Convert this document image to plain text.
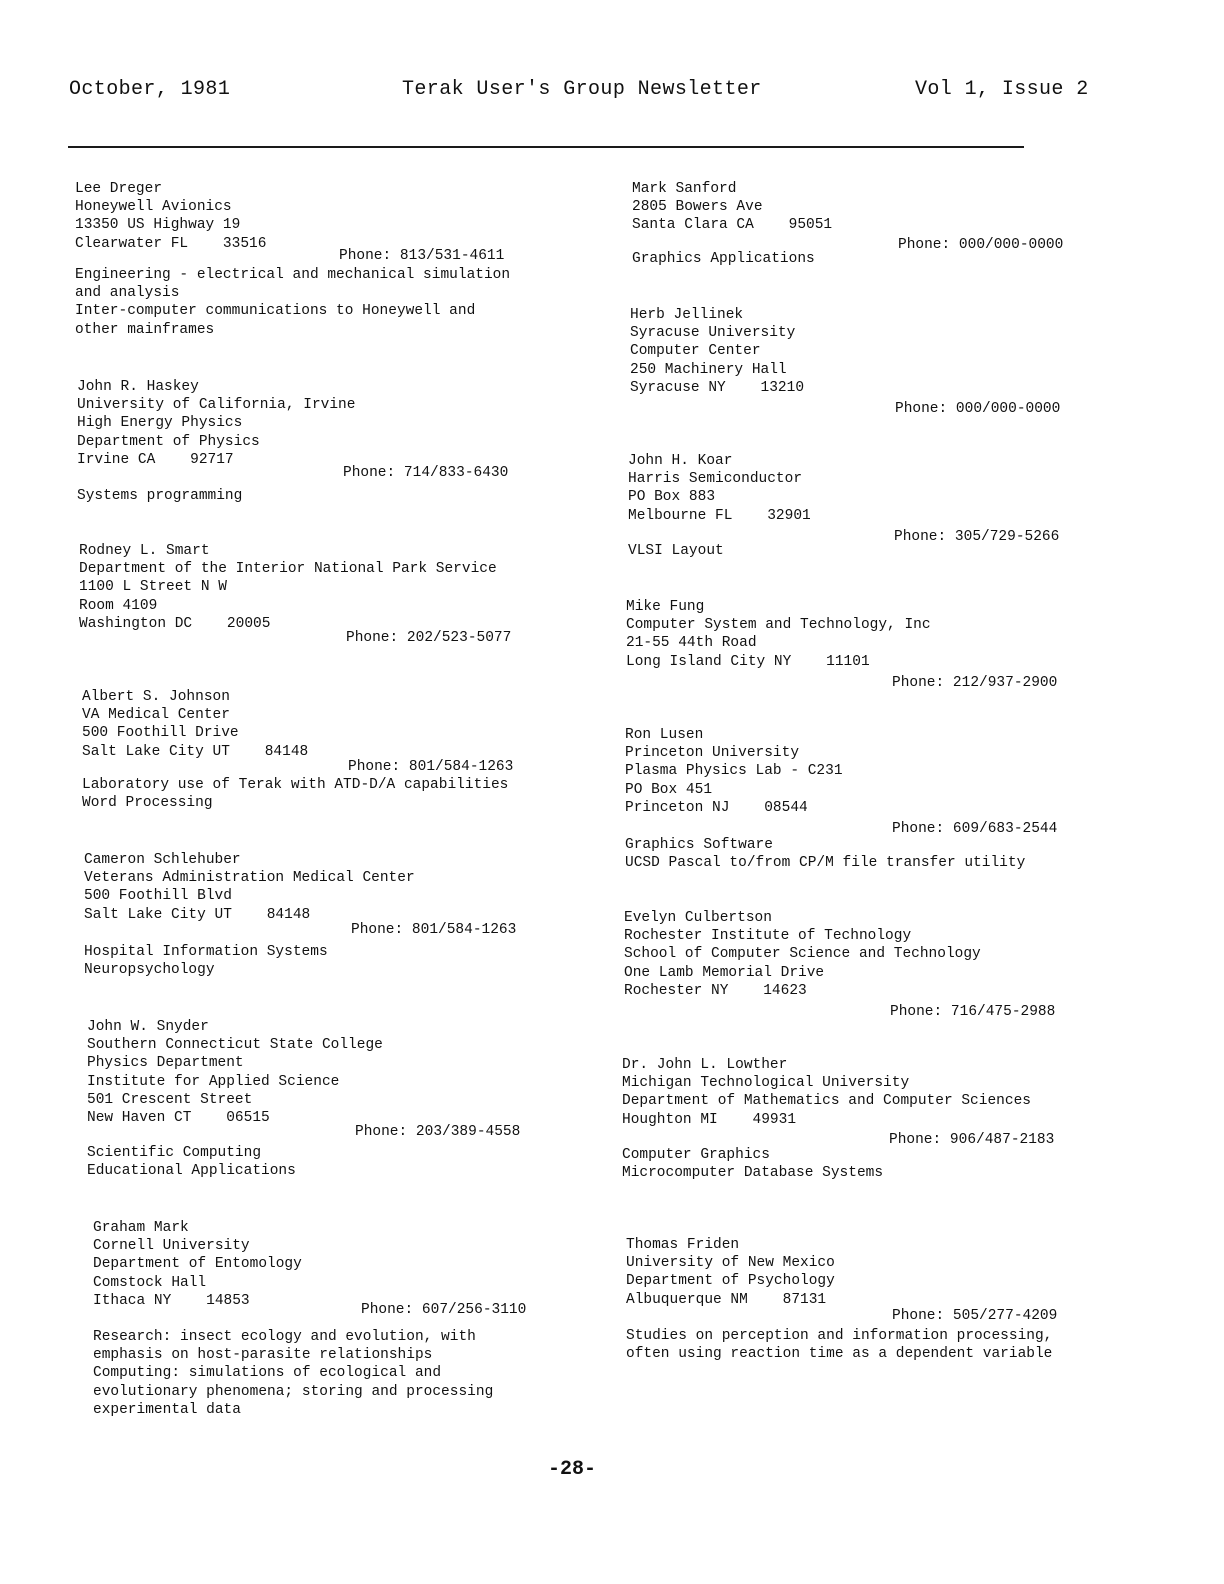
October, 1981	Terak User's Group Newsletter	Vol 1, Issue 2
Lee Dreger
Honeywell Avionics
13350 US Highway 19
Clearwater FL    33516
Phone: 813/531-4611
Engineering - electrical and mechanical simulation
and analysis
Inter-computer communications to Honeywell and
other mainframes
John R. Haskey
University of California, Irvine
High Energy Physics
Department of Physics
Irvine CA    92717
Phone: 714/833-6430
Systems programming
Rodney L. Smart
Department of the Interior National Park Service
1100 L Street N W
Room 4109
Washington DC    20005
Phone: 202/523-5077
Albert S. Johnson
VA Medical Center
500 Foothill Drive
Salt Lake City UT    84148
Phone: 801/584-1263
Laboratory use of Terak with ATD-D/A capabilities
Word Processing
Cameron Schlehuber
Veterans Administration Medical Center
500 Foothill Blvd
Salt Lake City UT    84148
Phone: 801/584-1263
Hospital Information Systems
Neuropsychology
John W. Snyder
Southern Connecticut State College
Physics Department
Institute for Applied Science
501 Crescent Street
New Haven CT    06515
Phone: 203/389-4558
Scientific Computing
Educational Applications
Graham Mark
Cornell University
Department of Entomology
Comstock Hall
Ithaca NY    14853
Phone: 607/256-3110
Research: insect ecology and evolution, with
emphasis on host-parasite relationships
Computing: simulations of ecological and
evolutionary phenomena; storing and processing
experimental data
Mark Sanford
2805 Bowers Ave
Santa Clara CA    95051
Phone: 000/000-0000
Graphics Applications
Herb Jellinek
Syracuse University
Computer Center
250 Machinery Hall
Syracuse NY    13210
Phone: 000/000-0000
John H. Koar
Harris Semiconductor
PO Box 883
Melbourne FL    32901
Phone: 305/729-5266
VLSI Layout
Mike Fung
Computer System and Technology, Inc
21-55 44th Road
Long Island City NY    11101
Phone: 212/937-2900
Ron Lusen
Princeton University
Plasma Physics Lab - C231
PO Box 451
Princeton NJ    08544
Phone: 609/683-2544
Graphics Software
UCSD Pascal to/from CP/M file transfer utility
Evelyn Culbertson
Rochester Institute of Technology
School of Computer Science and Technology
One Lamb Memorial Drive
Rochester NY    14623
Phone: 716/475-2988
Dr. John L. Lowther
Michigan Technological University
Department of Mathematics and Computer Sciences
Houghton MI    49931
Phone: 906/487-2183
Computer Graphics
Microcomputer Database Systems
Thomas Friden
University of New Mexico
Department of Psychology
Albuquerque NM    87131
Phone: 505/277-4209
Studies on perception and information processing,
often using reaction time as a dependent variable
-28-
